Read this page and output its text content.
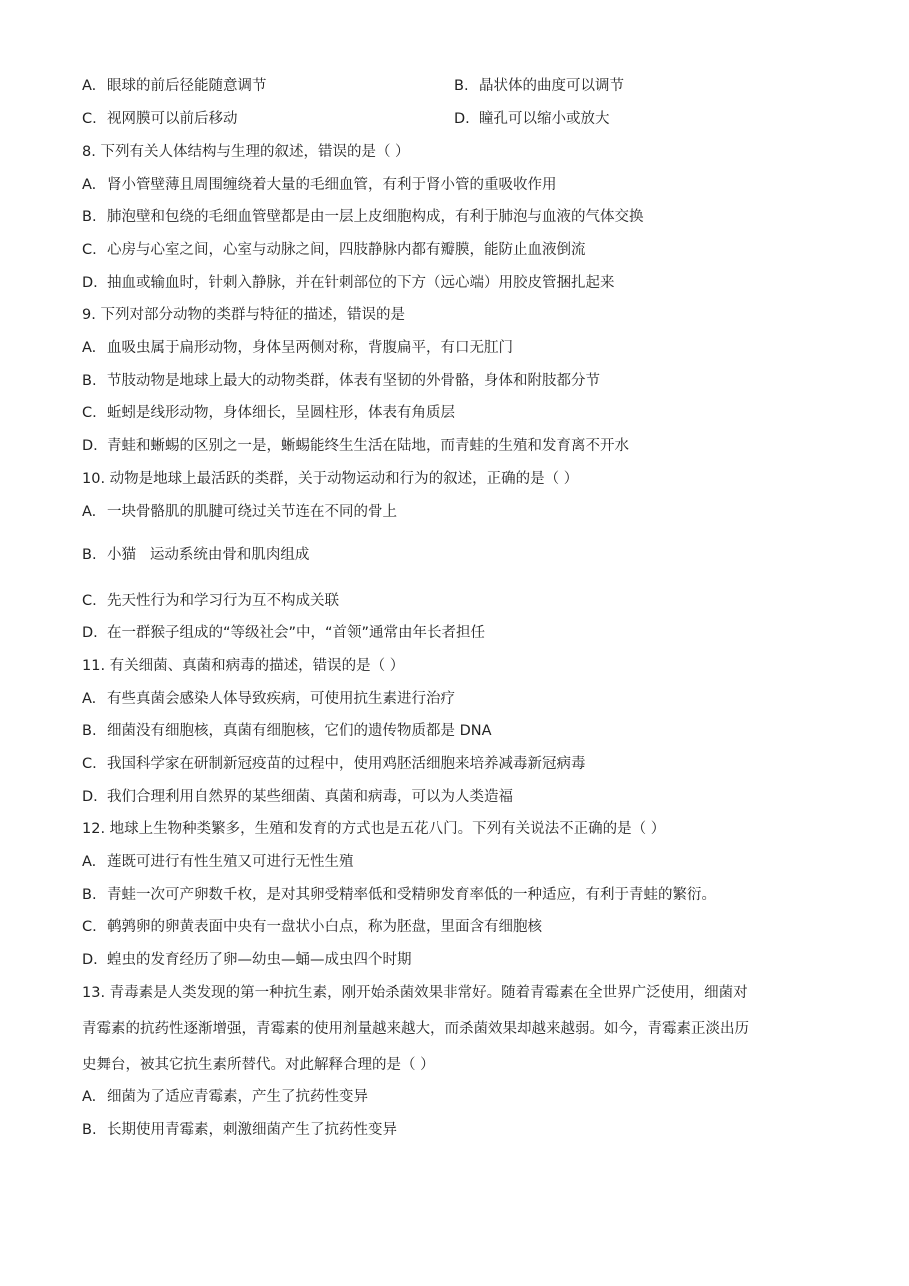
A. 眼球的前后径能随意调节	B. 晶状体的曲度可以调节
C. 视网膜可以前后移动	D. 瞳孔可以缩小或放大
8. 下列有关人体结构与生理的叙述，错误的是（ ）
A. 肾小管壁薄且周围缠绕着大量的毛细血管，有利于肾小管的重吸收作用
B. 肺泡壁和包绕的毛细血管壁都是由一层上皮细胞构成，有利于肺泡与血液的气体交换
C. 心房与心室之间，心室与动脉之间，四肢静脉内都有瓣膜，能防止血液倒流
D. 抽血或输血时，针刺入静脉，并在针刺部位的下方（远心端）用胶皮管捆扎起来
9. 下列对部分动物的类群与特征的描述，错误的是
A. 血吸虫属于扁形动物，身体呈两侧对称，背腹扁平，有口无肛门
B. 节肢动物是地球上最大的动物类群，体表有坚韧的外骨骼，身体和附肢都分节
C. 蚯蚓是线形动物，身体细长，呈圆柱形，体表有角质层
D. 青蛙和蜥蜴的区别之一是，蜥蜴能终生生活在陆地，而青蛙的生殖和发育离不开水
10. 动物是地球上最活跃的类群，关于动物运动和行为的叙述，正确的是（ ）
A. 一块骨骼肌的肌腱可绕过关节连在不同的骨上
B. 小猫   运动系统由骨和肌肉组成
C. 先天性行为和学习行为互不构成关联
D. 在一群猴子组成的“等级社会”中，“首领”通常由年长者担任
11. 有关细菌、真菌和病毒的描述，错误的是（ ）
A. 有些真菌会感染人体导致疾病，可使用抗生素进行治疗
B. 细菌没有细胞核，真菌有细胞核，它们的遗传物质都是 DNA
C. 我国科学家在研制新冠疫苗的过程中，使用鸡胚活细胞来培养减毒新冠病毒
D. 我们合理利用自然界的某些细菌、真菌和病毒，可以为人类造福
12. 地球上生物种类繁多，生殖和发育的方式也是五花八门。下列有关说法不正确的是（ ）
A. 莲既可进行有性生殖又可进行无性生殖
B. 青蛙一次可产卵数千枚，是对其卵受精率低和受精卵发育率低的一种适应，有利于青蛙的繁衍。
C. 鹌鹑卵的卵黄表面中央有一盘状小白点，称为胚盘，里面含有细胞核
D. 蝗虫的发育经历了卵—幼虫—蛹—成虫四个时期
13. 青毒素是人类发现的第一种抗生素，刚开始杀菌效果非常好。随着青霉素在全世界广泛使用，细菌对
青霉素的抗药性逐渐增强，青霉素的使用剂量越来越大，而杀菌效果却越来越弱。如今，青霉素正淡出历
史舞台，被其它抗生素所替代。对此解释合理的是（ ）
A. 细菌为了适应青霉素，产生了抗药性变异
B. 长期使用青霉素，刺激细菌产生了抗药性变异
